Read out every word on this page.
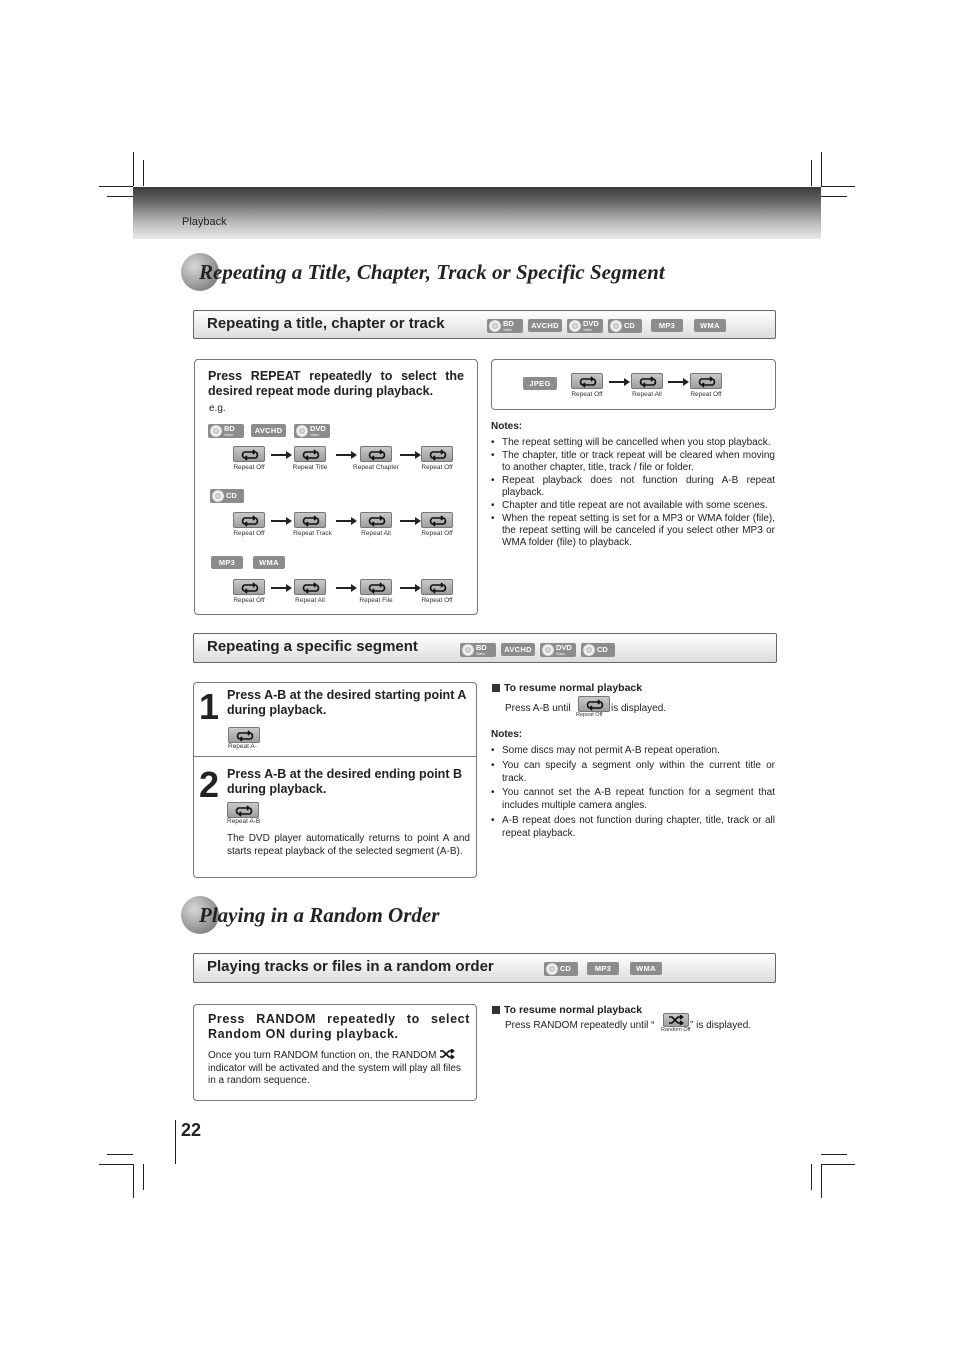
Playback
Repeating a Title, Chapter, Track or Specific Segment
Repeating a title, chapter or track	BD
Video	AVCHD	DVD
Video	CD	MP3	WMA
Press REPEAT repeatedly to select the desired repeat mode during playback.
e.g.
BD
Video	AVCHD	DVD
Video
Repeat Off	Repeat Title	Repeat Chapter	Repeat Off
CD
Repeat Off	Repeat Track	Repeat All	Repeat Off
MP3	WMA
Repeat Off	Repeat All	Repeat File	Repeat Off
JPEG
Repeat Off	Repeat All	Repeat Off
Notes:
• The repeat setting will be cancelled when you stop playback.
• The chapter, title or track repeat will be cleared when moving to another chapter, title, track / file or folder.
• Repeat playback does not function during A-B repeat playback.
• Chapter and title repeat are not available with some scenes.
• When the repeat setting is set for a MP3 or WMA folder (file), the repeat setting will be canceled if you select other MP3 or WMA folder (file) to playback.
Repeating a specific segment	BD
Video	AVCHD	DVD
Video	CD
1 Press A-B at the desired starting point A during playback.
Repeat A-
2 Press A-B at the desired ending point B during playback.
Repeat A-B
The DVD player automatically returns to point A and starts repeat playback of the selected segment (A-B).
To resume normal playback
Press A-B until
Repeat Off
is displayed.
Notes:
• Some discs may not permit A-B repeat operation.
• You can specify a segment only within the current title or track.
• You cannot set the A-B repeat function for a segment that includes multiple camera angles.
• A-B repeat does not function during chapter, title, track or all repeat playback.
Playing in a Random Order
Playing tracks or files in a random order	CD	MP3	WMA
Press RANDOM repeatedly to select Random ON during playback.
Once you turn RANDOM function on, the RANDOM  indicator will be activated and the system will play all files in a random sequence.
To resume normal playback
Press RANDOM repeatedly until “ Random Off ” is displayed.
22
